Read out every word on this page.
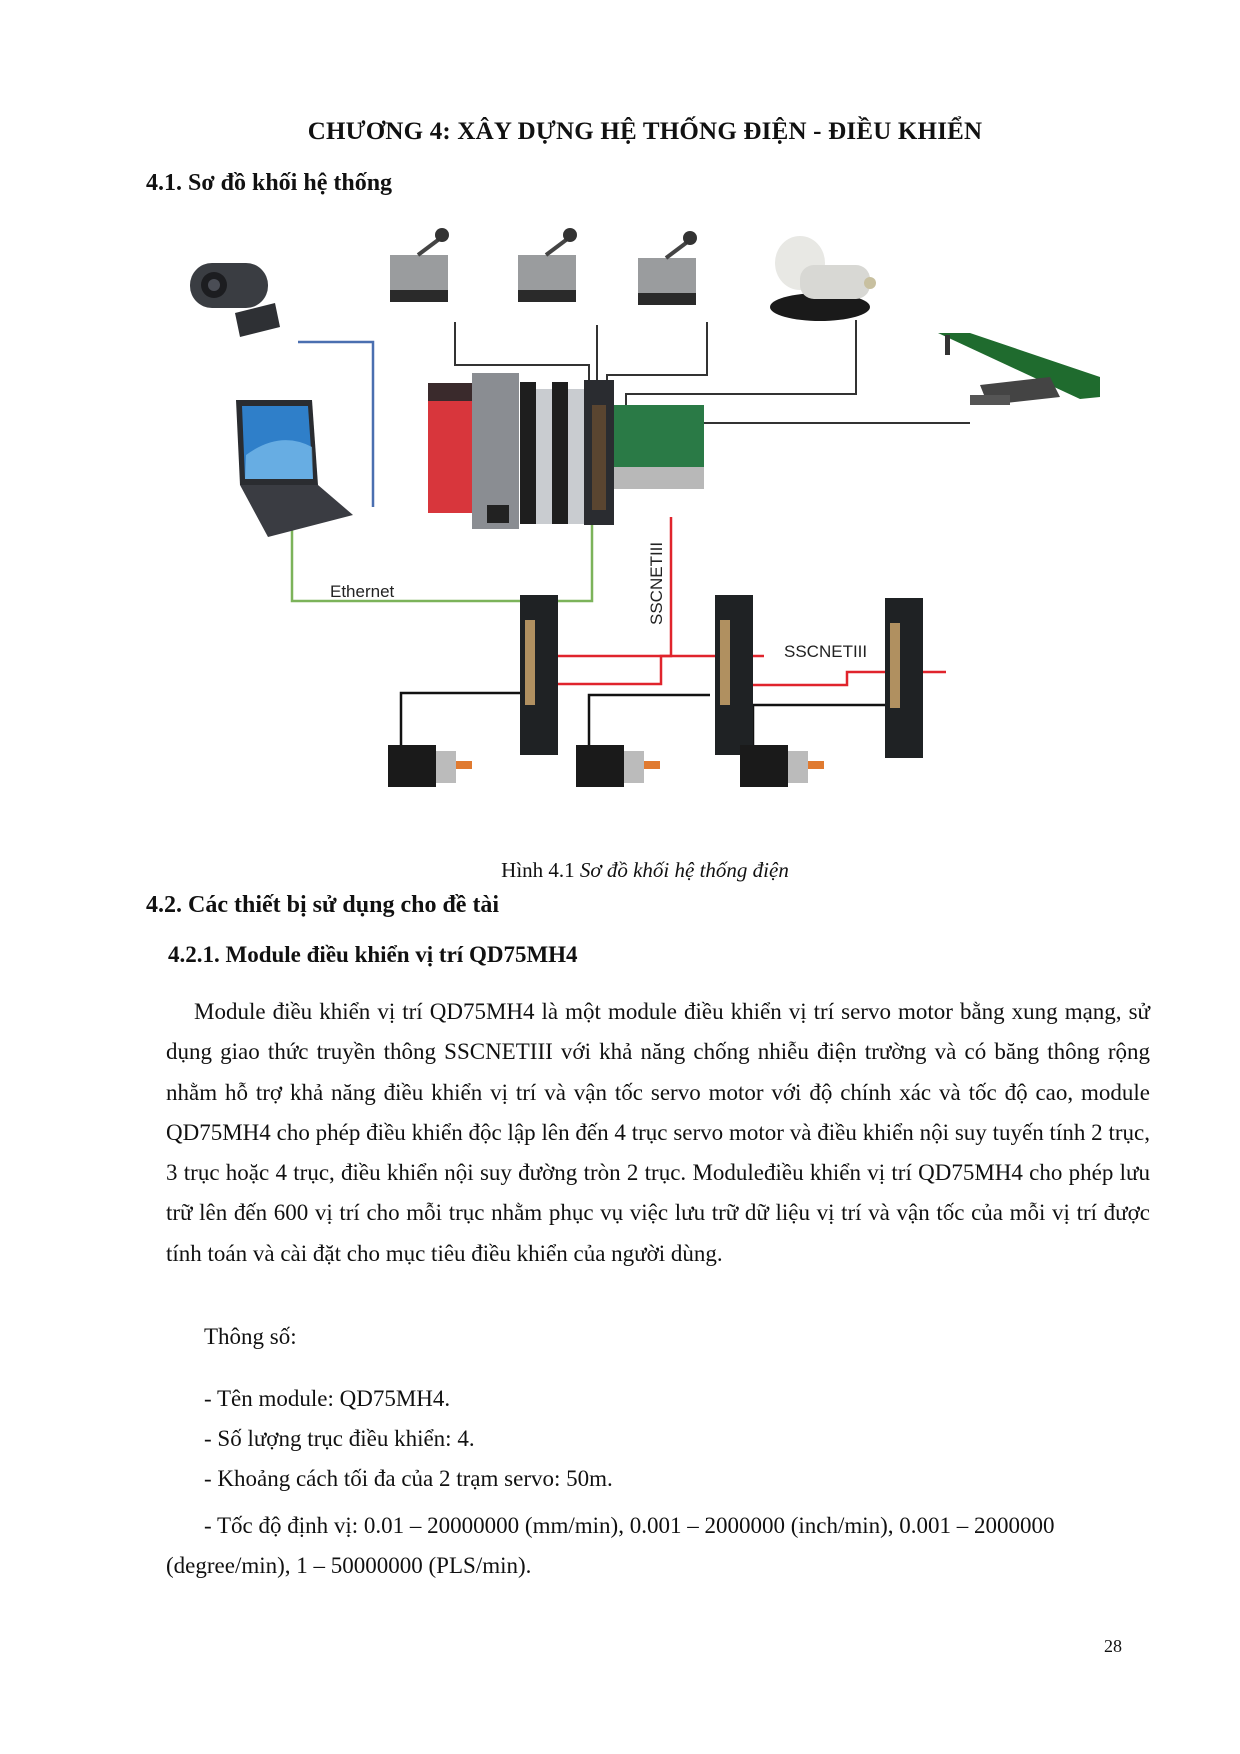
CHƯƠNG 4: XÂY DỰNG HỆ THỐNG ĐIỆN - ĐIỀU KHIỂN
4.1. Sơ đồ khối hệ thống
Ethernet	SSCNETIII
SSCNETIII
Hình 4.1 Sơ đồ khối hệ thống điện
4.2. Các thiết bị sử dụng cho đề tài
4.2.1. Module điều khiển vị trí QD75MH4
Module điều khiển vị trí QD75MH4 là một module điều khiển vị trí servo motor bằng xung mạng, sử dụng giao thức truyền thông SSCNETIII với khả năng chống nhiễu điện trường và có băng thông rộng nhằm hỗ trợ khả năng điều khiển vị trí và vận tốc servo motor với độ chính xác và tốc độ cao, module QD75MH4 cho phép điều khiển độc lập lên đến 4 trục servo motor và điều khiển nội suy tuyến tính 2 trục, 3 trục hoặc 4 trục, điều khiển nội suy đường tròn 2 trục. Moduleđiều khiển vị trí QD75MH4 cho phép lưu trữ lên đến 600 vị trí cho mỗi trục nhằm phục vụ việc lưu trữ dữ liệu vị trí và vận tốc của mỗi vị trí được tính toán và cài đặt cho mục tiêu điều khiển của người dùng.
Thông số:
- Tên module: QD75MH4.
- Số lượng trục điều khiển: 4.
- Khoảng cách tối đa của 2 trạm servo: 50m.
- Tốc độ định vị: 0.01 – 20000000 (mm/min), 0.001 – 2000000 (inch/min), 0.001 – 2000000 (degree/min), 1 – 50000000 (PLS/min).
28
